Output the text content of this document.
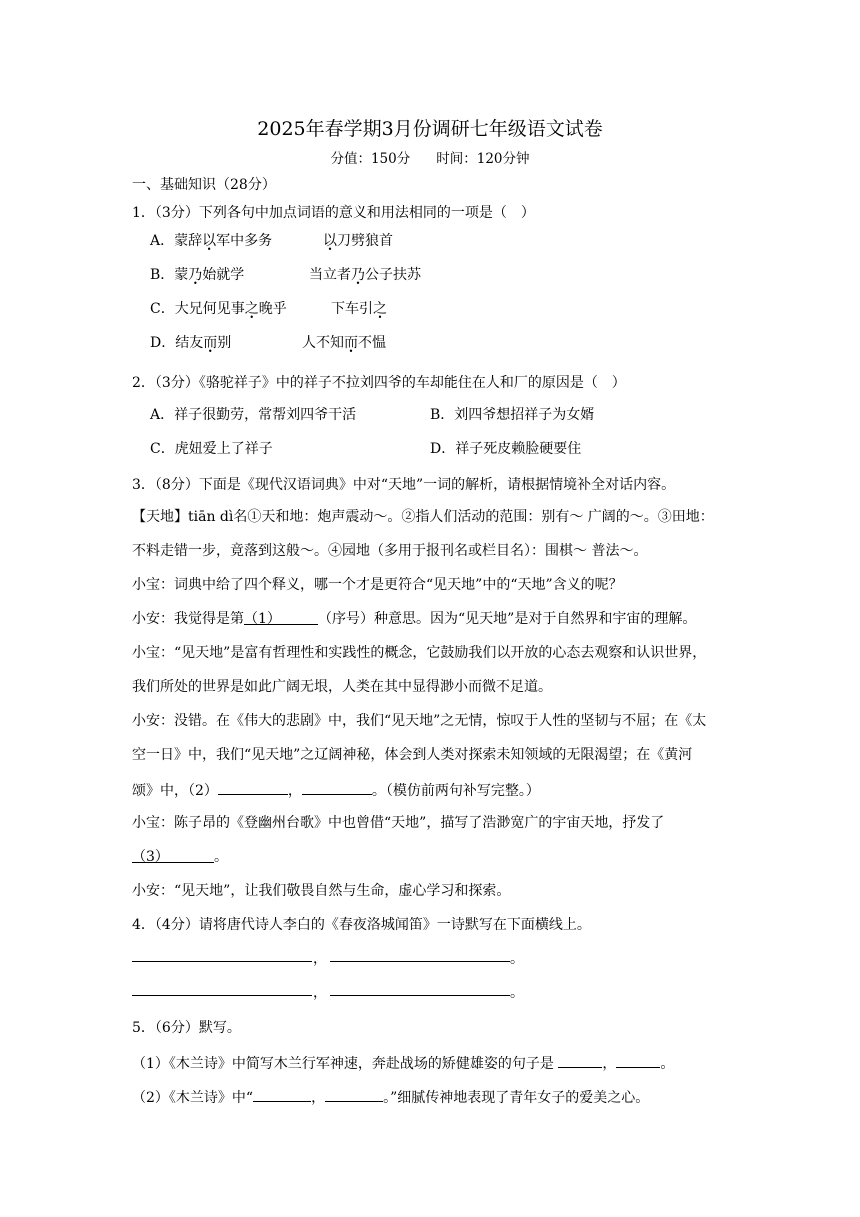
2025年春学期3月份调研七年级语文试卷
分值：150分 时间：120分钟
一、基础知识（28分）
1．（3分）下列各句中加点词语的意义和用法相同的一项是（　）
A．蒙辞以军中多务	以刀劈狼首
B．蒙乃始就学	当立者乃公子扶苏
C．大兄何见事之晚乎	下车引之
D．结友而别	人不知而不愠
2．（3分）《骆驼祥子》中的祥子不拉刘四爷的车却能住在人和厂的原因是（　）
A．祥子很勤劳，常帮刘四爷干活	B．刘四爷想招祥子为女婿
C．虎妞爱上了祥子	D．祥子死皮赖脸硬要住
3．（8分）下面是《现代汉语词典》中对“天地”一词的解析，请根据情境补全对话内容。
【天地】tiān dì名①天和地：炮声震动～。②指人们活动的范围：别有～ 广阔的～。③田地：
不料走错一步，竟落到这般～。④园地（多用于报刊名或栏目名）：围棋～ 普法～。
小宝：词典中给了四个释义，哪一个才是更符合“见天地”中的“天地”含义的呢？
小安：我觉得是第（1）	（序号）种意思。因为“见天地”是对于自然界和宇宙的理解。
小宝：“见天地”是富有哲理性和实践性的概念，它鼓励我们以开放的心态去观察和认识世界，
我们所处的世界是如此广阔无垠，人类在其中显得渺小而微不足道。
小安：没错。在《伟大的悲剧》中，我们“见天地”之无情，惊叹于人性的坚韧与不屈；在《太
空一日》中，我们“见天地”之辽阔神秘，体会到人类对探索未知领域的无限渴望；在《黄河
颂》中，（2）	，	。（模仿前两句补写完整。）
小宝：陈子昂的《登幽州台歌》中也曾借“天地”，描写了浩渺宽广的宇宙天地，抒发了
（3）	。
小安：“见天地”，让我们敬畏自然与生命，虚心学习和探索。
4．（4分）请将唐代诗人李白的《春夜洛城闻笛》一诗默写在下面横线上。
，	。
，	。
5．（6分）默写。
（1）《木兰诗》中简写木兰行军神速，奔赴战场的矫健雄姿的句子是	，	。
（2）《木兰诗》中“	，	。”细腻传神地表现了青年女子的爱美之心。
